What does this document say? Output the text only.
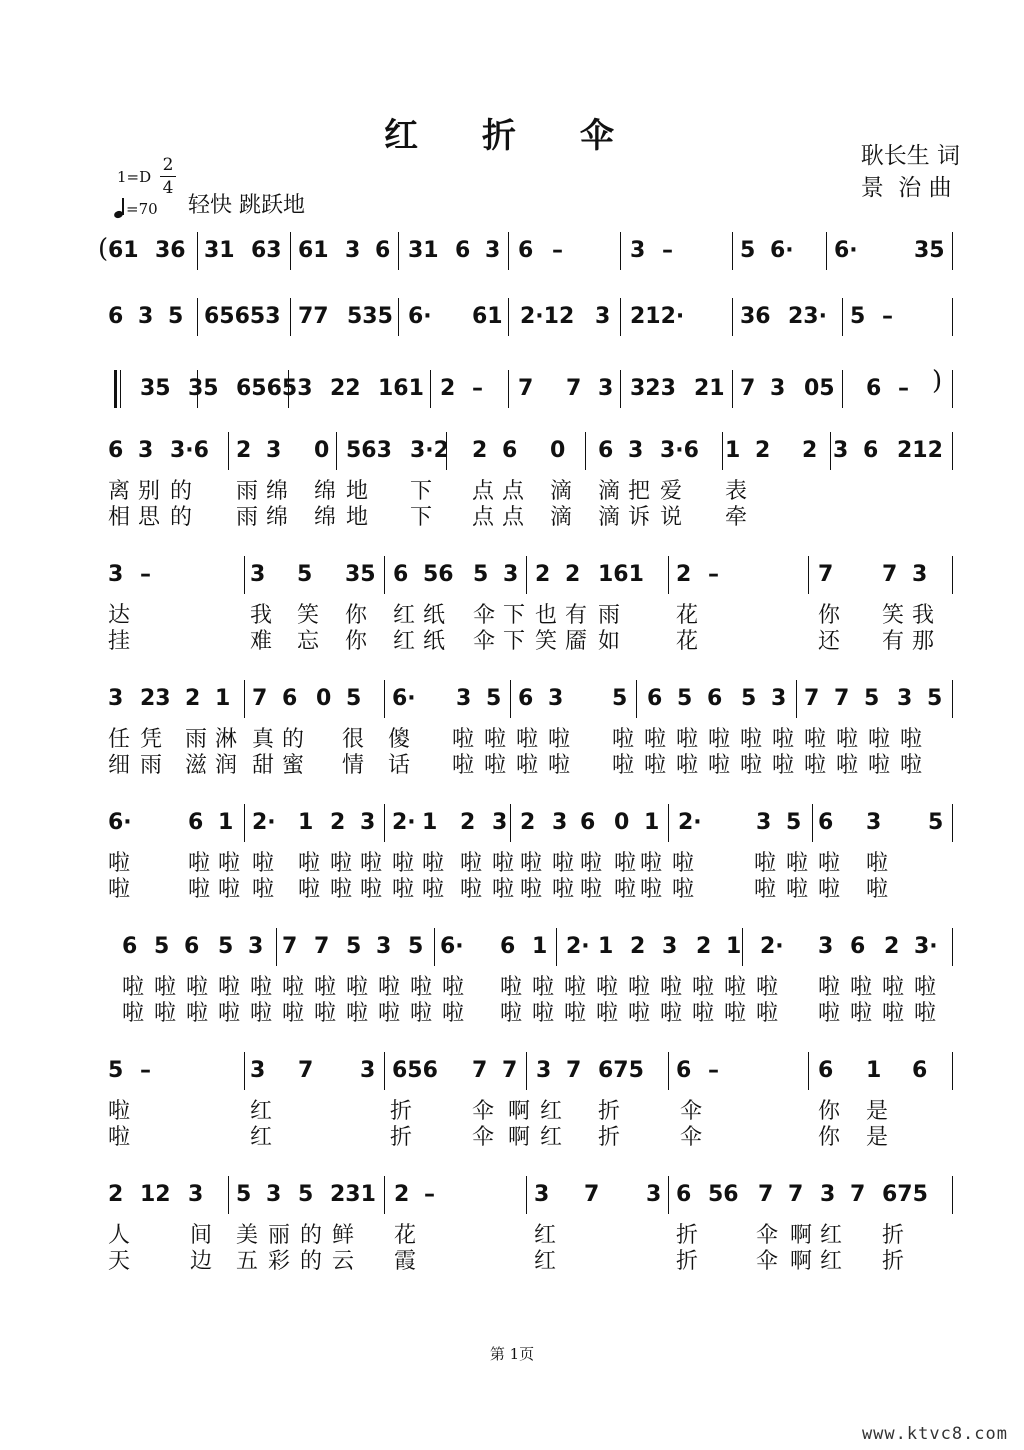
红 折 伞	耿长生 词
景  治 曲
1=D
2
4
=70 轻快 跳跃地
( 61 36 31 63 61 3 6 31 6 3 6 –	3 –	5 6· 6·	35
6 3 5 65653 77 535 6· 61 2·12 3 212·	36 23· 5 –
)
35 35 65653 22 161 2 – 7 7 3 323 21 7 3 05 6 –
6 3 3·6 2 3 0 563 3·2 2 6 0 6 3 3·6 1 2 2 3 6 212
离 别 的 雨 绵 绵 地 下 点 点 滴 滴 把 爱 表
相 思 的 雨 绵 绵 地 下 点 点 滴 滴 诉 说 牵
3 –	3 5 35 6 56 5 3 2 2 161 2 –	7 7 3
达	我 笑 你 红 纸 伞 下 也 有 雨	花	你 笑 我
挂	难 忘 你 红 纸 伞 下 笑 靥 如	花	还 有 那
3 23 2 1 7 6 0 5 6· 3 5 6 3 5 6 5 6 5 3 7 7 5 3 5
任 凭 雨 淋 真 的 很 傻 啦 啦 啦 啦 啦 啦 啦 啦 啦 啦 啦 啦 啦 啦
细 雨 滋 润 甜 蜜 情 话 啦 啦 啦 啦 啦 啦 啦 啦 啦 啦 啦 啦 啦 啦
6·	6 1 2· 1 2 3 2· 1 2 3 2 3 6 0 1 2· 3 5 6 3 5
啦	啦 啦 啦 啦 啦 啦 啦 啦 啦 啦 啦 啦 啦 啦 啦 啦	啦 啦 啦 啦
啦	啦 啦 啦 啦 啦 啦 啦 啦 啦 啦 啦 啦 啦 啦 啦 啦	啦 啦 啦 啦
6 5 6 5 3 7 7 5 3 5 6· 6 1 2· 1 2 3 2 1 2· 3 6 2 3·
啦 啦 啦 啦 啦 啦 啦 啦 啦 啦 啦 啦 啦 啦 啦 啦 啦 啦 啦 啦 啦 啦 啦 啦
啦 啦 啦 啦 啦 啦 啦 啦 啦 啦 啦 啦 啦 啦 啦 啦 啦 啦 啦 啦 啦 啦 啦 啦
5 –	3 7 3 656 7 7 3 7 675 6 –	6 1 6
啦	红	折	伞 啊 红 折	伞	你 是
啦	红	折	伞 啊 红 折	伞	你 是
2 12 3 5 3 5 231 2 –	3 7 3 6 56 7 7 3 7 675
人	间 美 丽 的 鲜 花	红	折	伞 啊 红 折
天	边 五 彩 的 云 霞	红	折	伞 啊 红 折
第 1页
www.ktvc8.com
